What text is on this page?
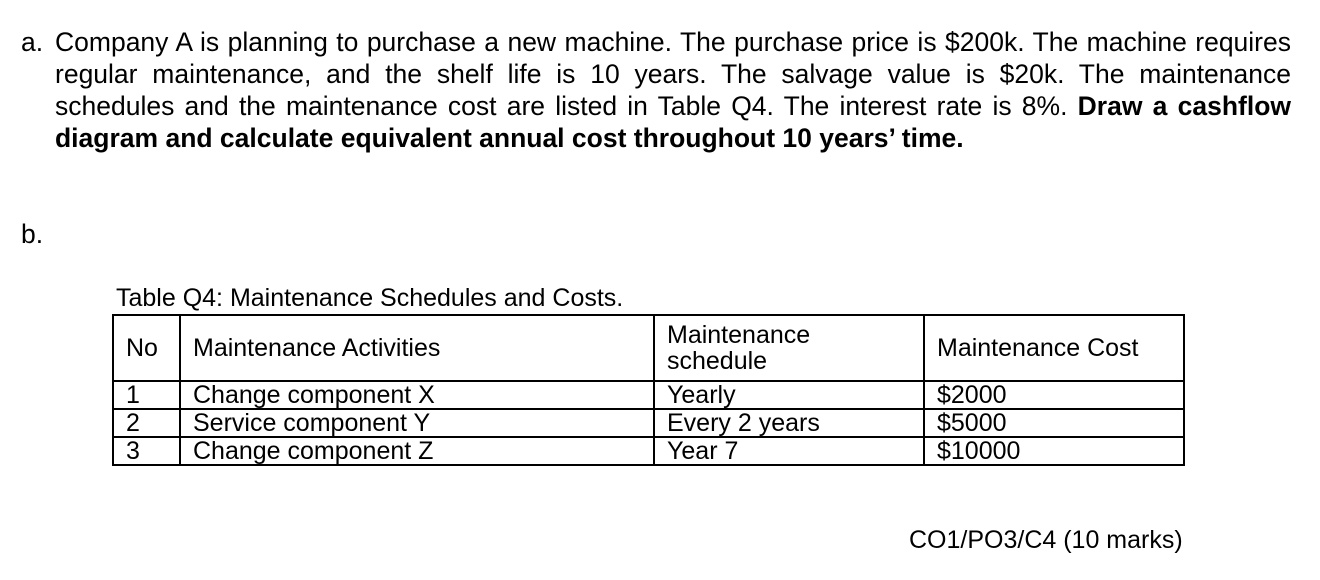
a. Company A is planning to purchase a new machine. The purchase price is $200k. The machine requires regular maintenance, and the shelf life is 10 years. The salvage value is $20k. The maintenance schedules and the maintenance cost are listed in Table Q4. The interest rate is 8%. Draw a cashflow diagram and calculate equivalent annual cost throughout 10 years’ time.
b.
Table Q4: Maintenance Schedules and Costs.
No	Maintenance Activities	Maintenance schedule	Maintenance Cost
1	Change component X	Yearly	$2000
2	Service component Y	Every 2 years	$5000
3	Change component Z	Year 7	$10000
CO1/PO3/C4 (10 marks)
